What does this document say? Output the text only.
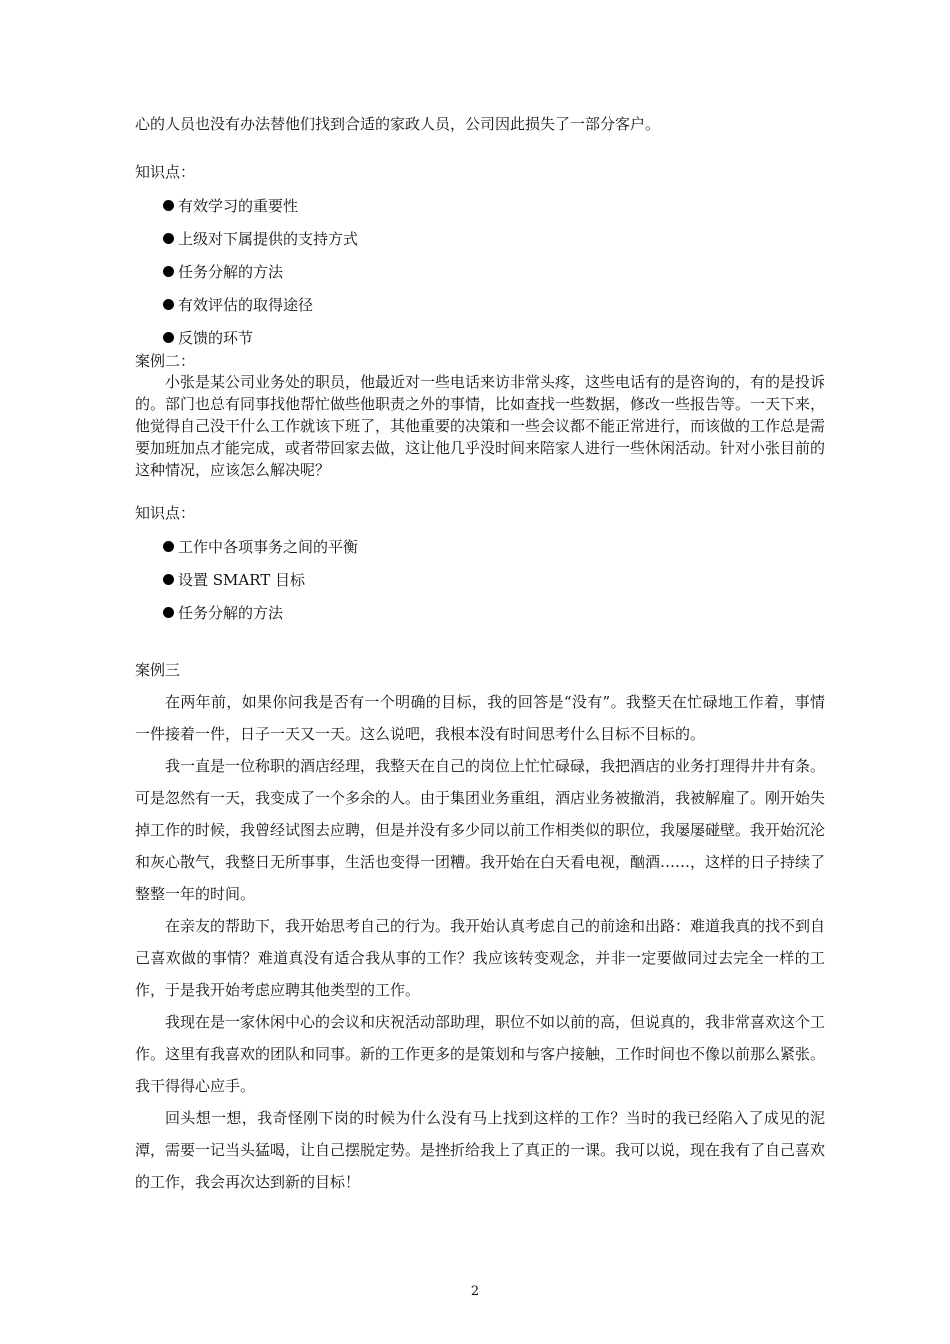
心的人员也没有办法替他们找到合适的家政人员，公司因此损失了一部分客户。
知识点：
有效学习的重要性
上级对下属提供的支持方式
任务分解的方法
有效评估的取得途径
反馈的环节
案例二：
小张是某公司业务处的职员，他最近对一些电话来访非常头疼，这些电话有的是咨询的，有的是投诉的。部门也总有同事找他帮忙做些他职责之外的事情，比如查找一些数据，修改一些报告等。一天下来，他觉得自己没干什么工作就该下班了，其他重要的决策和一些会议都不能正常进行，而该做的工作总是需要加班加点才能完成，或者带回家去做，这让他几乎没时间来陪家人进行一些休闲活动。针对小张目前的这种情况，应该怎么解决呢？
知识点：
工作中各项事务之间的平衡
设置 SMART 目标
任务分解的方法
案例三
在两年前，如果你问我是否有一个明确的目标，我的回答是“没有”。我整天在忙碌地工作着，事情一件接着一件，日子一天又一天。这么说吧，我根本没有时间思考什么目标不目标的。
我一直是一位称职的酒店经理，我整天在自己的岗位上忙忙碌碌，我把酒店的业务打理得井井有条。可是忽然有一天，我变成了一个多余的人。由于集团业务重组，酒店业务被撤消，我被解雇了。刚开始失掉工作的时候，我曾经试图去应聘，但是并没有多少同以前工作相类似的职位，我屡屡碰壁。我开始沉沦和灰心散气，我整日无所事事，生活也变得一团糟。我开始在白天看电视，酗酒……，这样的日子持续了整整一年的时间。
在亲友的帮助下，我开始思考自己的行为。我开始认真考虑自己的前途和出路：难道我真的找不到自己喜欢做的事情？难道真没有适合我从事的工作？我应该转变观念，并非一定要做同过去完全一样的工作，于是我开始考虑应聘其他类型的工作。
我现在是一家休闲中心的会议和庆祝活动部助理，职位不如以前的高，但说真的，我非常喜欢这个工作。这里有我喜欢的团队和同事。新的工作更多的是策划和与客户接触，工作时间也不像以前那么紧张。我干得得心应手。
回头想一想，我奇怪刚下岗的时候为什么没有马上找到这样的工作？当时的我已经陷入了成见的泥潭，需要一记当头猛喝，让自己摆脱定势。是挫折给我上了真正的一课。我可以说，现在我有了自己喜欢的工作，我会再次达到新的目标！
2
